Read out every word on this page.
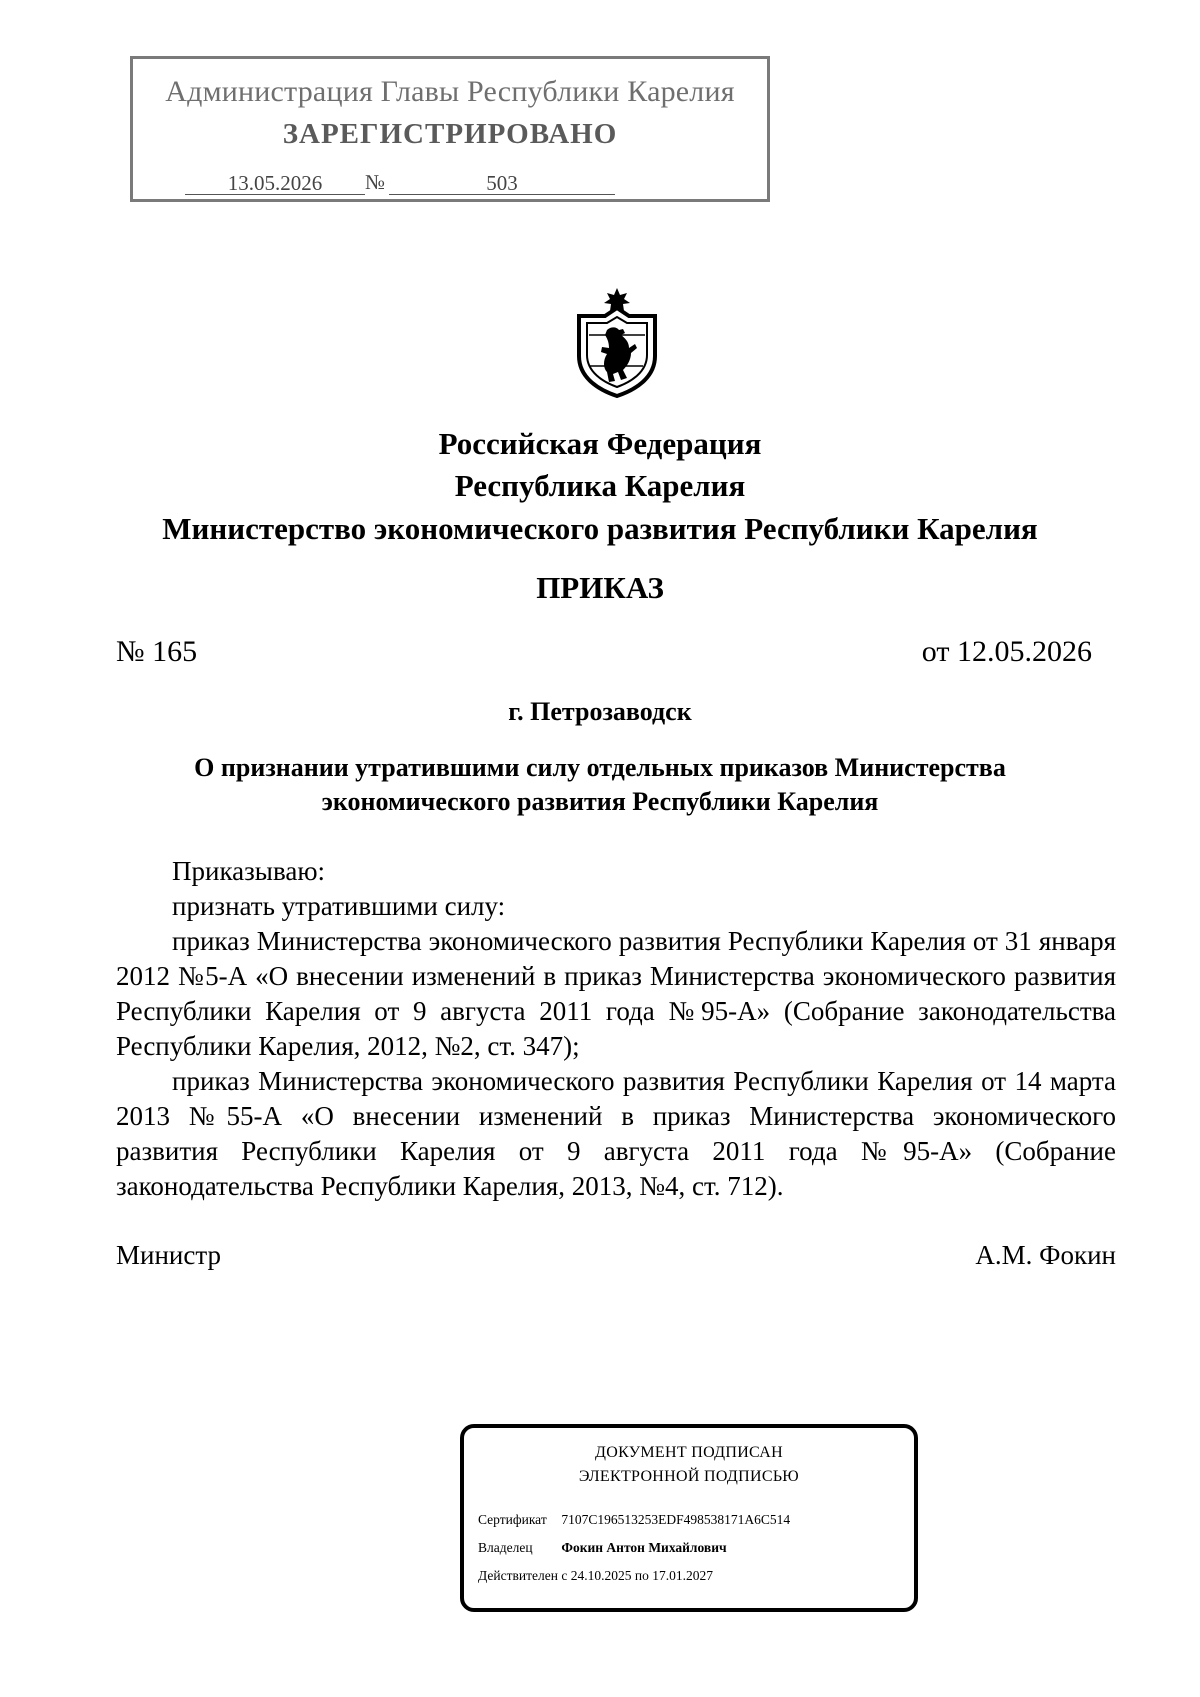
Администрация Главы Республики Карелия
ЗАРЕГИСТРИРОВАНО
13.05.2026	№	503
Российская Федерация
Республика Карелия
Министерство экономического развития Республики Карелия
ПРИКАЗ
№ 165	от 12.05.2026
г. Петрозаводск
О признании утратившими силу отдельных приказов Министерства
экономического развития Республики Карелия

Приказываю:

признать утратившими силу:

приказ Министерства экономического развития Республики Карелия от 31 января 2012 №5-А «О внесении изменений в приказ Министерства экономического развития Республики Карелия от 9 августа 2011 года №95-А» (Собрание законодательства Республики Карелия, 2012, №2, ст. 347);

приказ Министерства экономического развития Республики Карелия от 14 марта 2013 №55-А «О внесении изменений в приказ Министерства экономического развития Республики Карелия от 9 августа 2011 года №95-А» (Собрание законодательства Республики Карелия, 2013, №4, ст. 712).

Министр	А.М. Фокин
ДОКУМЕНТ ПОДПИСАН
ЭЛЕКТРОННОЙ ПОДПИСЬЮ
Сертификат 7107C196513253EDF498538171A6C514
Владелец Фокин Антон Михайлович
Действителен с 24.10.2025 по 17.01.2027
